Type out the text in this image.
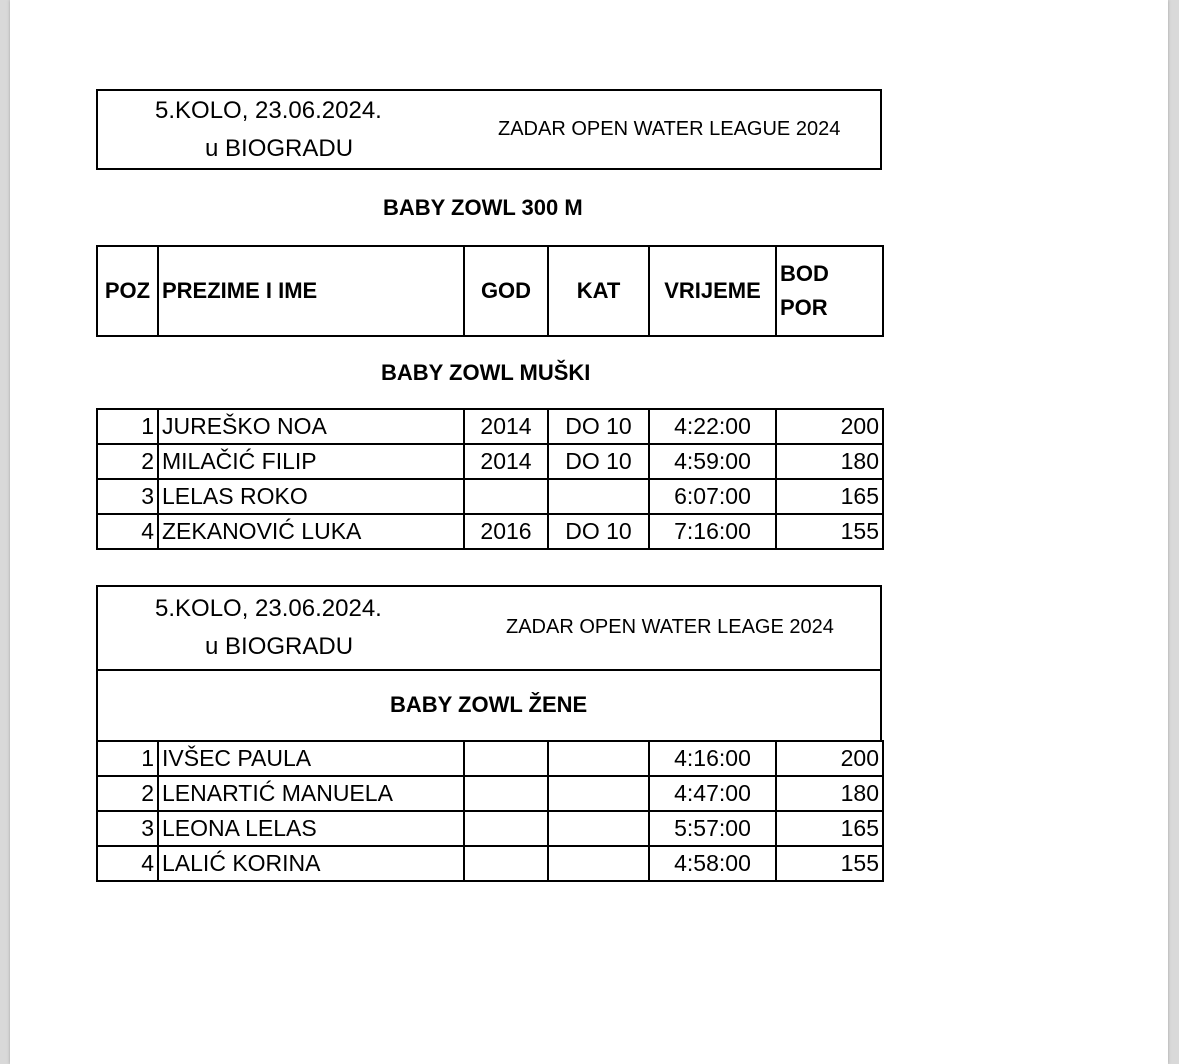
5.KOLO, 23.06.2024.
u BIOGRADU
ZADAR OPEN WATER LEAGUE 2024
BABY ZOWL 300 M
POZ	PREZIME I IME	GOD	KAT	VRIJEME	
BOD
POR
BABY ZOWL MUŠKI
1	JUREŠKO NOA	2014	DO 10	4:22:00	200
2	MILAČIĆ FILIP	2014	DO 10	4:59:00	180
3	LELAS ROKO			6:07:00	165
4	ZEKANOVIĆ LUKA	2016	DO 10	7:16:00	155
5.KOLO, 23.06.2024.
u BIOGRADU
ZADAR OPEN WATER LEAGE 2024
BABY ZOWL ŽENE
1	IVŠEC PAULA			4:16:00	200
2	LENARTIĆ MANUELA			4:47:00	180
3	LEONA LELAS			5:57:00	165
4	LALIĆ KORINA			4:58:00	155
